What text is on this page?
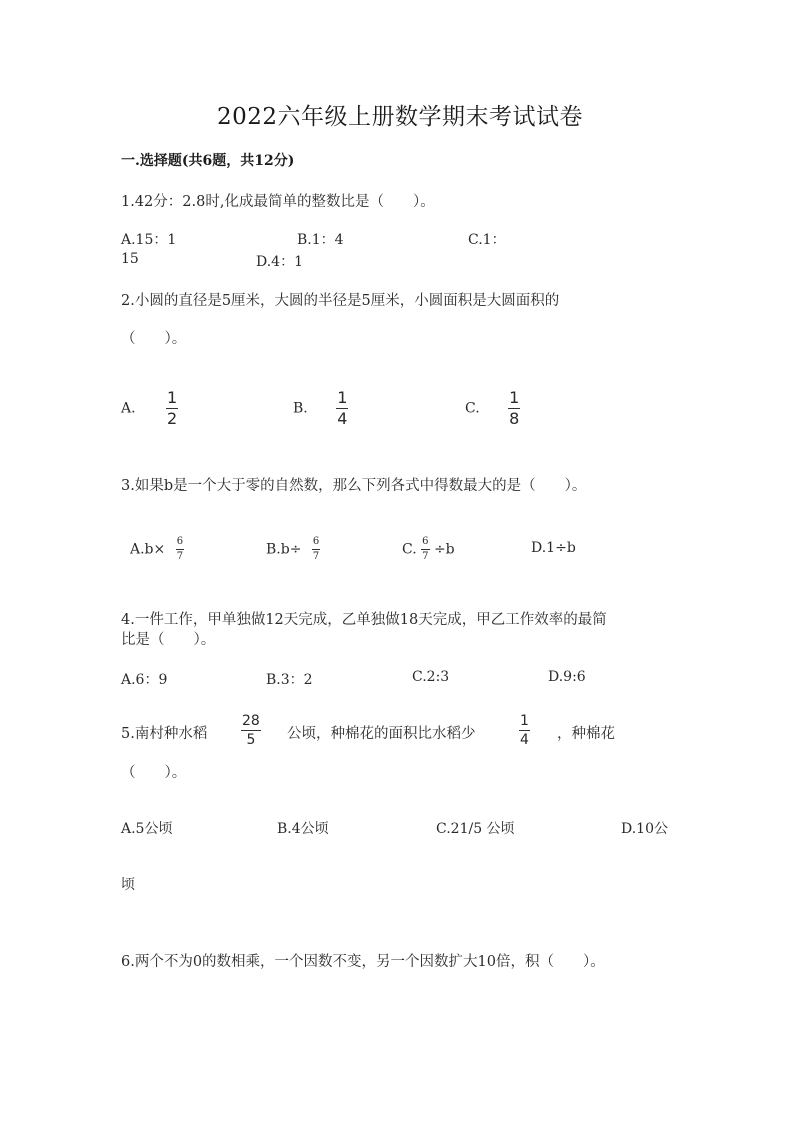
2022六年级上册数学期末考试试卷
一.选择题(共6题，共12分)
1.42分：2.8时,化成最简单的整数比是（　　）。
A.15：1	B.1：4	C.1：
15	D.4：1
2.小圆的直径是5厘米，大圆的半径是5厘米，小圆面积是大圆面积的
（　　）。
A. $\frac{1}{2}$	B. $\frac{1}{4}$	C. $\frac{1}{8}$
3.如果b是一个大于零的自然数，那么下列各式中得数最大的是（　　）。
$A.b\times \frac{6}{7}$	$B.b\div \frac{6}{7}$	C. $\frac{6}{7} \div b$	D.1÷b
4.一件工作，甲单独做12天完成，乙单独做18天完成，甲乙工作效率的最简
比是（　　）。
A.6：9	B.3：2	C.2:3	D.9:6
5.南村种水稻 $\frac{28}{5}$ 公顷，种棉花的面积比水稻少	$\frac{1}{4}$ ，种棉花
（　　）。
A.5公顷	B.4公顷	C.21/5 公顷	D.10公
顷
6.两个不为0的数相乘，一个因数不变，另一个因数扩大10倍，积（　　）。
